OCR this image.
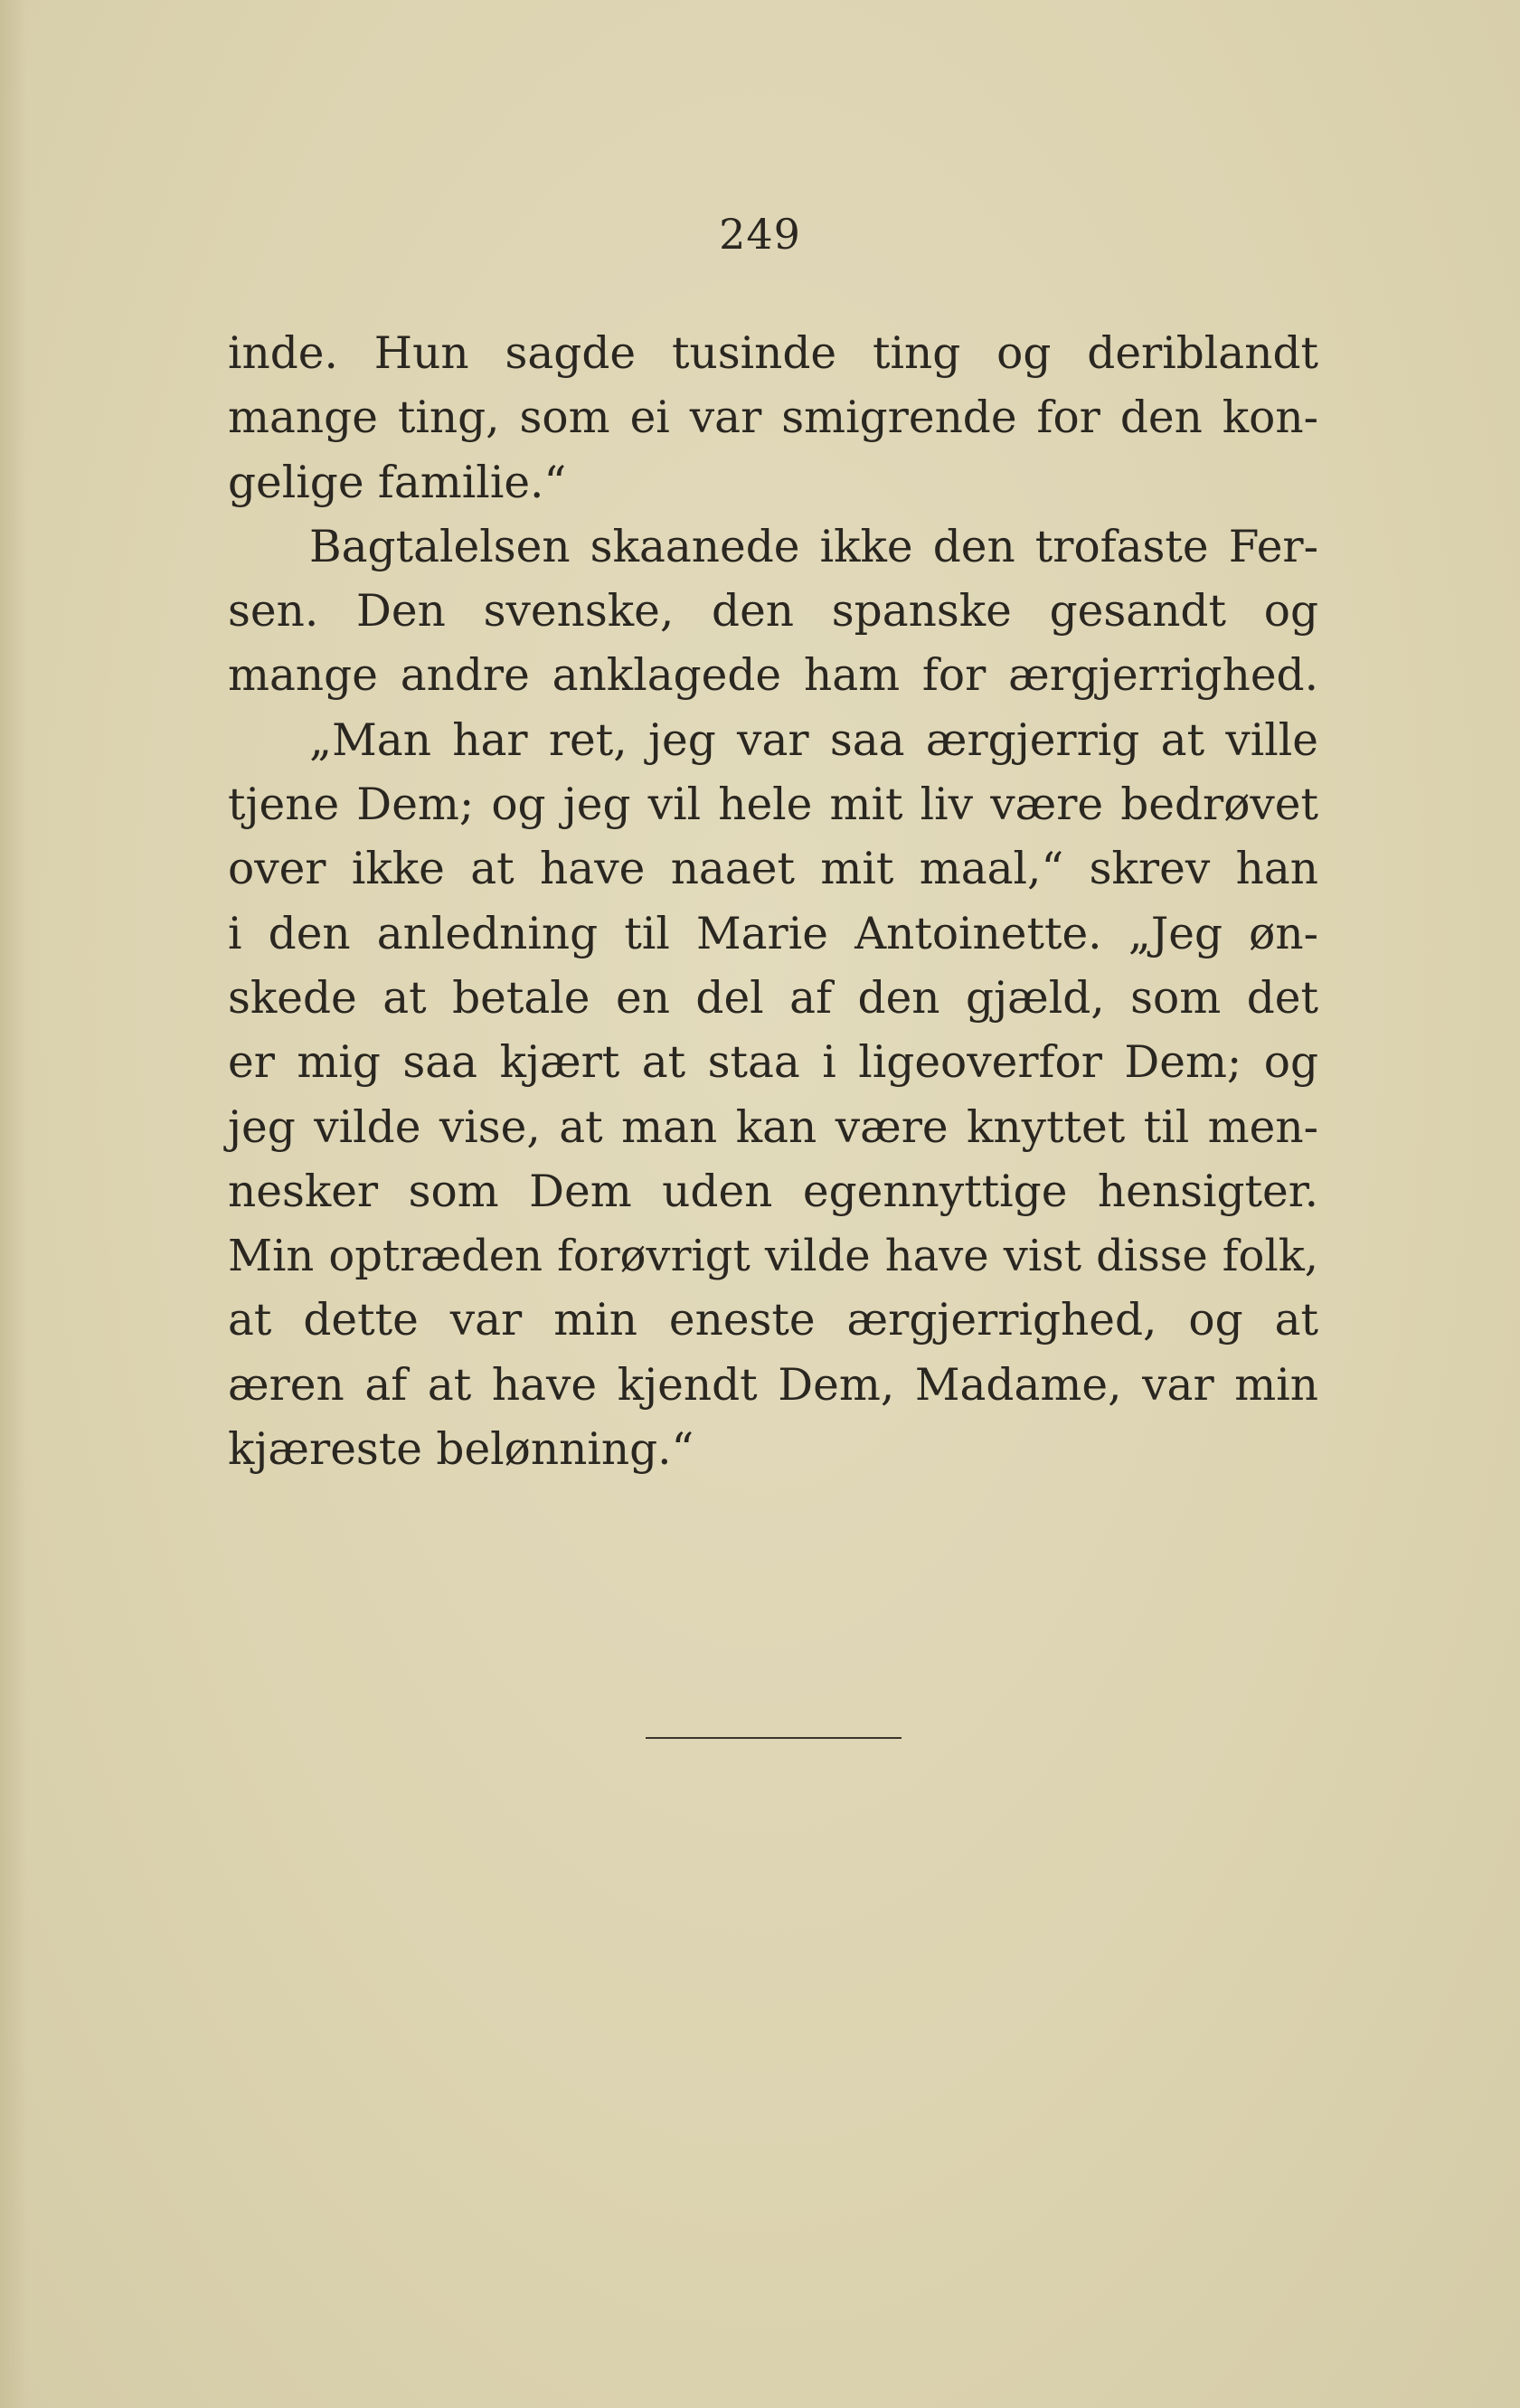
249
inde. Hun sagde tusinde ting og deriblandt
mange ting, som ei var smigrende for den kon-
gelige familie.“
Bagtalelsen skaanede ikke den trofaste Fer-
sen. Den svenske, den spanske gesandt og
mange andre anklagede ham for ærgjerrighed.
„Man har ret, jeg var saa ærgjerrig at ville
tjene Dem; og jeg vil hele mit liv være bedrøvet
over ikke at have naaet mit maal,“ skrev han
i den anledning til Marie Antoinette. „Jeg øn-
skede at betale en del af den gjæld, som det
er mig saa kjært at staa i ligeoverfor Dem; og
jeg vilde vise, at man kan være knyttet til men-
nesker som Dem uden egennyttige hensigter.
Min optræden forøvrigt vilde have vist disse folk,
at dette var min eneste ærgjerrighed, og at
æren af at have kjendt Dem, Madame, var min
kjæreste belønning.“
